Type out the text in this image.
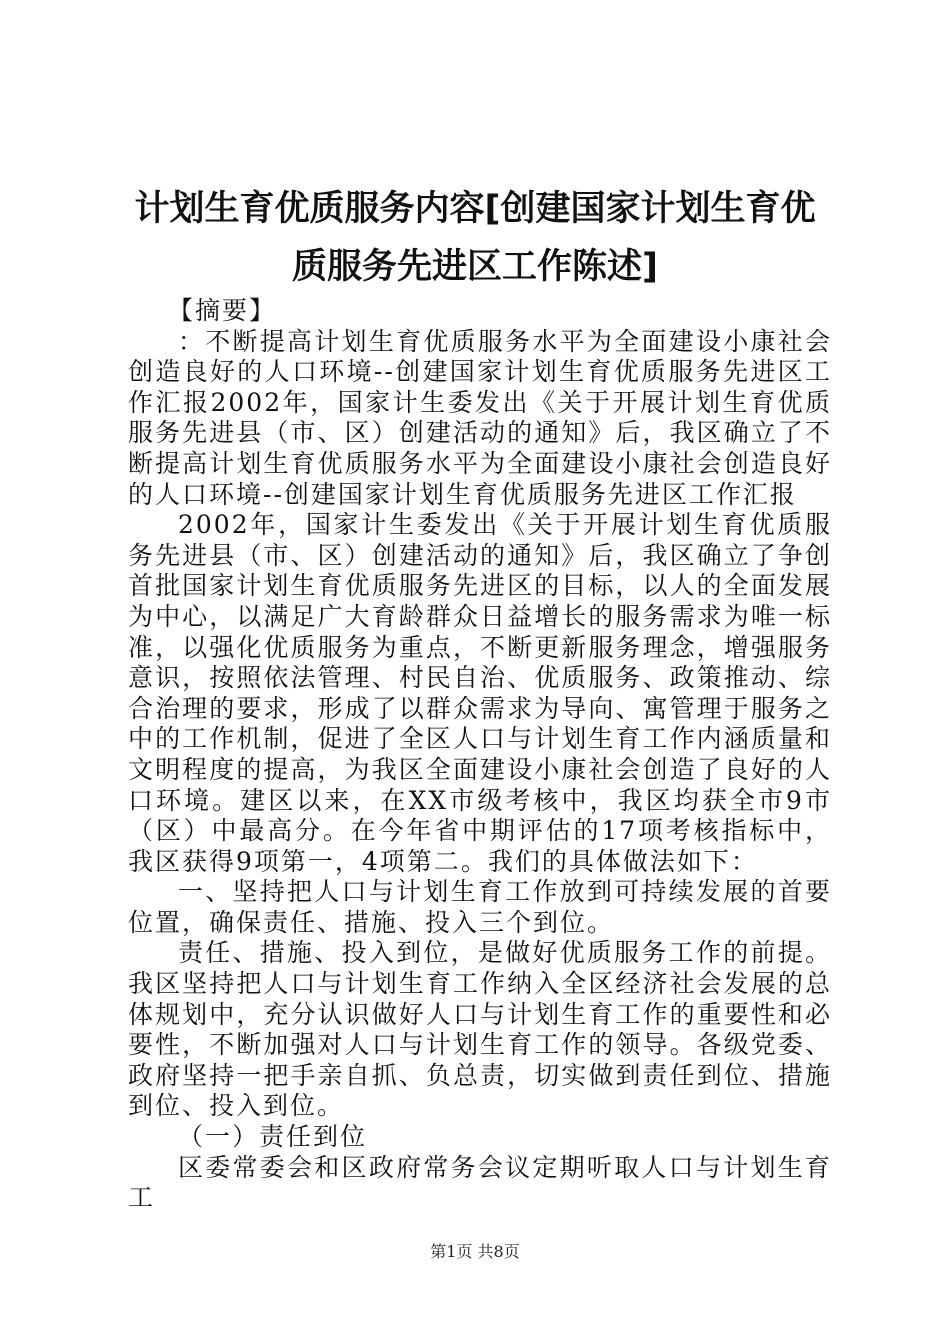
计划生育优质服务内容[创建国家计划生育优质服务先进区工作陈述]

【摘要】

：不断提高计划生育优质服务水平为全面建设小康社会创造良好的人口环境--创建国家计划生育优质服务先进区工作汇报2002年，国家计生委发出《关于开展计划生育优质服务先进县（市、区）创建活动的通知》后，我区确立了不断提高计划生育优质服务水平为全面建设小康社会创造良好的人口环境--创建国家计划生育优质服务先进区工作汇报

2002年，国家计生委发出《关于开展计划生育优质服务先进县（市、区）创建活动的通知》后，我区确立了争创首批国家计划生育优质服务先进区的目标，以人的全面发展为中心，以满足广大育龄群众日益增长的服务需求为唯一标准，以强化优质服务为重点，不断更新服务理念，增强服务意识，按照依法管理、村民自治、优质服务、政策推动、综合治理的要求，形成了以群众需求为导向、寓管理于服务之中的工作机制，促进了全区人口与计划生育工作内涵质量和文明程度的提高，为我区全面建设小康社会创造了良好的人口环境。建区以来，在XX市级考核中，我区均获全市9市（区）中最高分。在今年省中期评估的17项考核指标中，我区获得9项第一，4项第二。我们的具体做法如下：

一、坚持把人口与计划生育工作放到可持续发展的首要位置，确保责任、措施、投入三个到位。

责任、措施、投入到位，是做好优质服务工作的前提。我区坚持把人口与计划生育工作纳入全区经济社会发展的总体规划中，充分认识做好人口与计划生育工作的重要性和必要性，不断加强对人口与计划生育工作的领导。各级党委、政府坚持一把手亲自抓、负总责，切实做到责任到位、措施到位、投入到位。

（一）责任到位

区委常委会和区政府常务会议定期听取人口与计划生育工

第1页 共8页
